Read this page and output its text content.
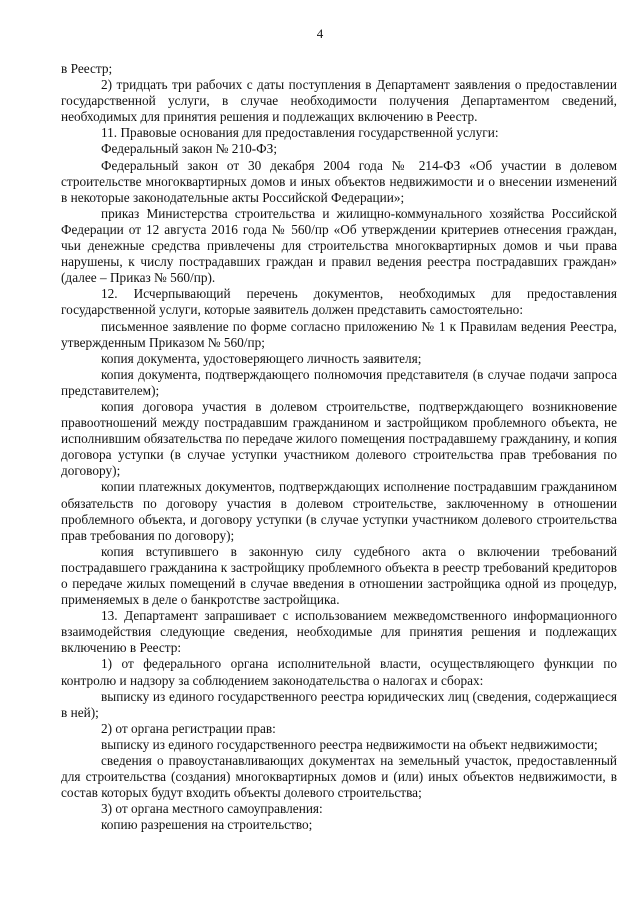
4

в Реестр;

2) тридцать три рабочих с даты поступления в Департамент заявления о предоставлении государственной услуги, в случае необходимости получения Департаментом сведений, необходимых для принятия решения и подлежащих включению в Реестр.

11. Правовые основания для предоставления государственной услуги:

Федеральный закон № 210-ФЗ;

Федеральный закон от 30 декабря 2004 года № 214-ФЗ «Об участии в долевом строительстве многоквартирных домов и иных объектов недвижимости и о внесении изменений в некоторые законодательные акты Российской Федерации»;

приказ Министерства строительства и жилищно-коммунального хозяйства Российской Федерации от 12 августа 2016 года № 560/пр «Об утверждении критериев отнесения граждан, чьи денежные средства привлечены для строительства многоквартирных домов и чьи права нарушены, к числу пострадавших граждан и правил ведения реестра пострадавших граждан» (далее – Приказ № 560/пр).

12. Исчерпывающий перечень документов, необходимых для предоставления государственной услуги, которые заявитель должен представить самостоятельно:

письменное заявление по форме согласно приложению № 1 к Правилам ведения Реестра, утвержденным Приказом № 560/пр;

копия документа, удостоверяющего личность заявителя;

копия документа, подтверждающего полномочия представителя (в случае подачи запроса представителем);

копия договора участия в долевом строительстве, подтверждающего возникновение правоотношений между пострадавшим гражданином и застройщиком проблемного объекта, не исполнившим обязательства по передаче жилого помещения пострадавшему гражданину, и копия договора уступки (в случае уступки участником долевого строительства прав требования по договору);

копии платежных документов, подтверждающих исполнение пострадавшим гражданином обязательств по договору участия в долевом строительстве, заключенному в отношении проблемного объекта, и договору уступки (в случае уступки участником долевого строительства прав требования по договору);

копия вступившего в законную силу судебного акта о включении требований пострадавшего гражданина к застройщику проблемного объекта в реестр требований кредиторов о передаче жилых помещений в случае введения в отношении застройщика одной из процедур, применяемых в деле о банкротстве застройщика.

13. Департамент запрашивает с использованием межведомственного информационного взаимодействия следующие сведения, необходимые для принятия решения и подлежащих включению в Реестр:

1) от федерального органа исполнительной власти, осуществляющего функции по контролю и надзору за соблюдением законодательства о налогах и сборах:

выписку из единого государственного реестра юридических лиц (сведения, содержащиеся в ней);

2) от органа регистрации прав:

выписку из единого государственного реестра недвижимости на объект недвижимости;

сведения о правоустанавливающих документах на земельный участок, предоставленный для строительства (создания) многоквартирных домов и (или) иных объектов недвижимости, в состав которых будут входить объекты долевого строительства;

3) от органа местного самоуправления:

копию разрешения на строительство;
